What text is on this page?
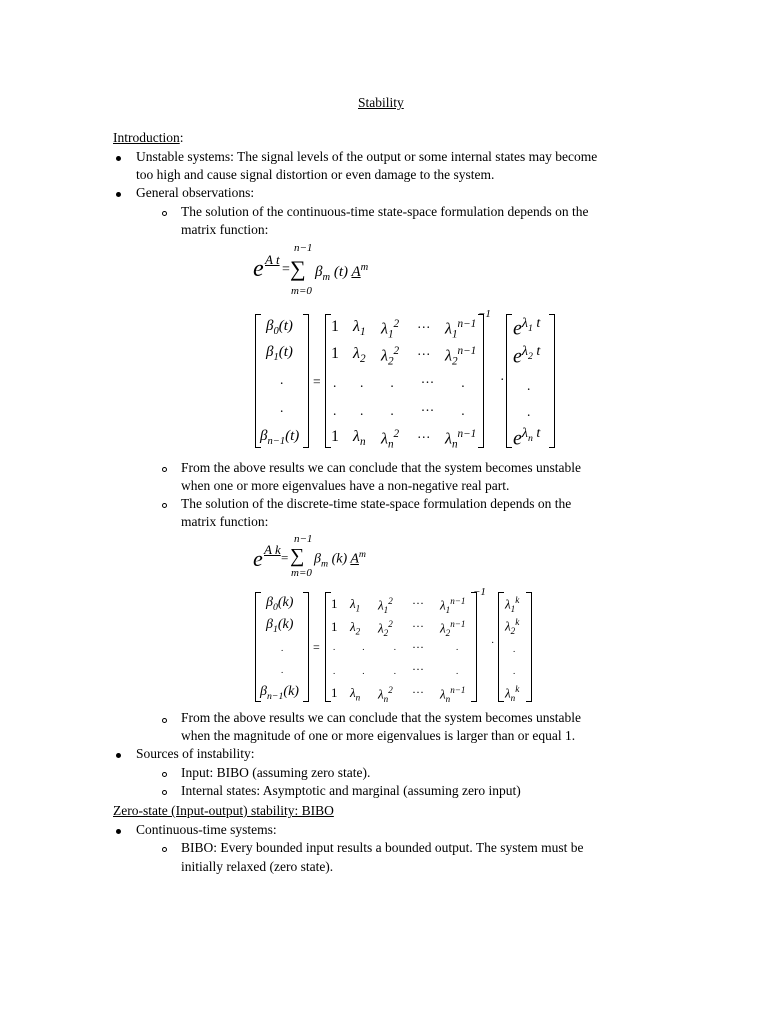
Stability
Introduction:
Unstable systems: The signal levels of the output or some internal states may become
too high and cause signal distortion or even damage to the system.
General observations:
The solution of the continuous-time state-space formulation depends on the
matrix function:
e A t
=
n−1
∑
m=0
$\beta_m$ (t) $A^m$
$\beta_0(t)$
$\beta_1(t)$
.
.
$\beta_{n-1}(t)$
=
−1
1 $\lambda_1$ $\lambda_1^2$ ··· $\lambda_1^{n-1}$
1 $\lambda_2$ $\lambda_2^2$ ··· $\lambda_2^{n-1}$
.       .        .        ···        .
.       .        .        ···        .
1 $\lambda_n$ $\lambda_n^2$ ··· $\lambda_n^{n-1}$
·
$e^{\lambda_1 t}$
$e^{\lambda_2 t}$
.
.
$e^{\lambda_n t}$
From the above results we can conclude that the system becomes unstable
when one or more eigenvalues have a non-negative real part.
The solution of the discrete-time state-space formulation depends on the
matrix function:
e A k
=
n−1
∑
m=0
$\beta_m$ (k) $A^m$
$\beta_0(k)$
$\beta_1(k)$
.
.
$\beta_{n-1}(k)$
=
−1
1 $\lambda_1$ $\lambda_1^2$ ··· $\lambda_1^{n-1}$
1 $\lambda_2$ $\lambda_2^2$ ··· $\lambda_2^{n-1}$
.            .             . ···	.
.            .             . ···	.
1 $\lambda_n$ $\lambda_n^2$ ··· $\lambda_n^{n-1}$
·
$\lambda_1^k$
$\lambda_2^k$
.
.
$\lambda_n^k$
From the above results we can conclude that the system becomes unstable
when the magnitude of one or more eigenvalues is larger than or equal 1.
Sources of instability:
Input: BIBO (assuming zero state).
Internal states: Asymptotic and marginal (assuming zero input)
Zero-state (Input-output) stability: BIBO
Continuous-time systems:
BIBO: Every bounded input results a bounded output. The system must be
initially relaxed (zero state).
